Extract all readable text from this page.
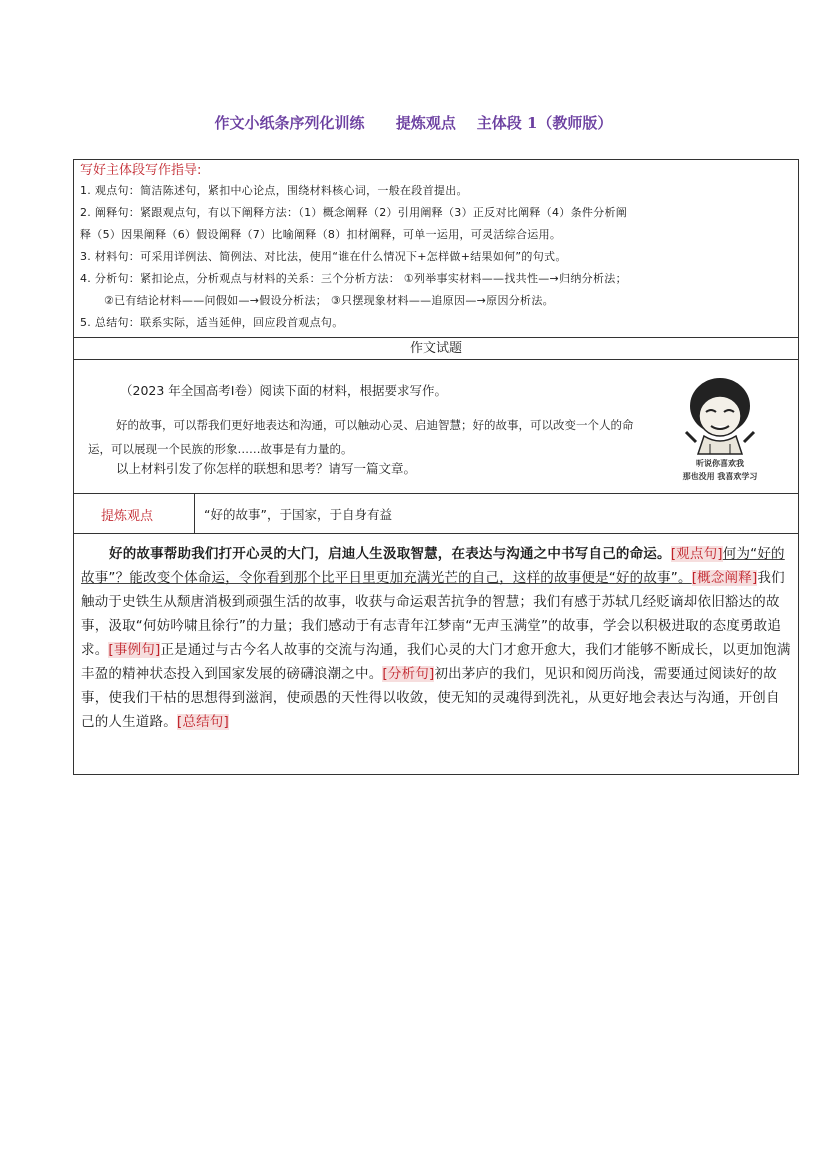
作文小纸条序列化训练      提炼观点    主体段 1（教师版）
写好主体段写作指导:
1. 观点句：简洁陈述句，紧扣中心论点，围绕材料核心词，一般在段首提出。
2. 阐释句：紧跟观点句，有以下阐释方法：（1）概念阐释（2）引用阐释（3）正反对比阐释（4）条件分析阐
释（5）因果阐释（6）假设阐释（7）比喻阐释（8）扣材阐释，可单一运用，可灵活综合运用。
3. 材料句：可采用详例法、简例法、对比法，使用“谁在什么情况下+怎样做+结果如何”的句式。
4. 分析句：紧扣论点，分析观点与材料的关系：三个分析方法： ①列举事实材料——找共性—→归纳分析法；
②已有结论材料——问假如—→假设分析法； ③只摆现象材料——追原因—→原因分析法。
5. 总结句：联系实际，适当延伸，回应段首观点句。
作文试题
（2023 年全国高考Ⅰ卷）阅读下面的材料，根据要求写作。
好的故事，可以帮我们更好地表达和沟通，可以触动心灵、启迪智慧；好的故事，可以改变一个人的命运，可以展现一个民族的形象……故事是有力量的。
以上材料引发了你怎样的联想和思考？请写一篇文章。	听说你喜欢我
那也没用 我喜欢学习
提炼观点	“好的故事”，于国家，于自身有益
好的故事帮助我们打开心灵的大门，启迪人生汲取智慧，在表达与沟通之中书写自己的命运。[观点句]何为“好的故事”？能改变个体命运，令你看到那个比平日里更加充满光芒的自己，这样的故事便是“好的故事”。[概念阐释]我们触动于史铁生从颓唐消极到顽强生活的故事，收获与命运艰苦抗争的智慧；我们有感于苏轼几经贬谪却依旧豁达的故事，汲取“何妨吟啸且徐行”的力量；我们感动于有志青年江梦南“无声玉满堂”的故事，学会以积极进取的态度勇敢追求。[事例句]正是通过与古今名人故事的交流与沟通，我们心灵的大门才愈开愈大，我们才能够不断成长，以更加饱满丰盈的精神状态投入到国家发展的磅礴浪潮之中。[分析句]初出茅庐的我们，见识和阅历尚浅，需要通过阅读好的故事，使我们干枯的思想得到滋润，使顽愚的天性得以收敛，使无知的灵魂得到洗礼，从更好地会表达与沟通，开创自己的人生道路。[总结句]
